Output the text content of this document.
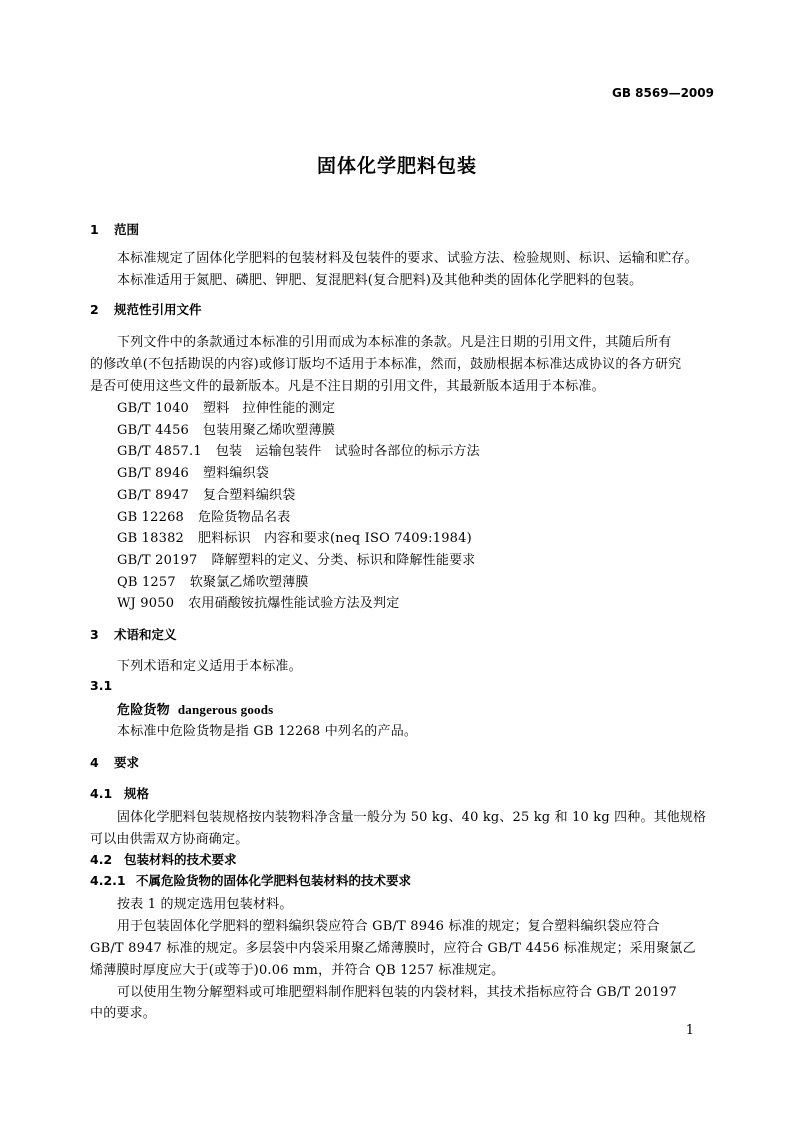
GB 8569—2009
固体化学肥料包装
1 范围
本标准规定了固体化学肥料的包装材料及包装件的要求、试验方法、检验规则、标识、运输和贮存。
本标准适用于氮肥、磷肥、钾肥、复混肥料(复合肥料)及其他种类的固体化学肥料的包装。
2 规范性引用文件
下列文件中的条款通过本标准的引用而成为本标准的条款。凡是注日期的引用文件，其随后所有
的修改单(不包括勘误的内容)或修订版均不适用于本标准，然而，鼓励根据本标准达成协议的各方研究
是否可使用这些文件的最新版本。凡是不注日期的引用文件，其最新版本适用于本标准。
GB/T 1040 塑料　拉伸性能的测定
GB/T 4456 包装用聚乙烯吹塑薄膜
GB/T 4857.1 包装　运输包装件　试验时各部位的标示方法
GB/T 8946 塑料编织袋
GB/T 8947 复合塑料编织袋
GB 12268 危险货物品名表
GB 18382 肥料标识　内容和要求(neq ISO 7409:1984)
GB/T 20197 降解塑料的定义、分类、标识和降解性能要求
QB 1257 软聚氯乙烯吹塑薄膜
WJ 9050 农用硝酸铵抗爆性能试验方法及判定
3 术语和定义
下列术语和定义适用于本标准。
3.1
危险货物 dangerous goods
本标准中危险货物是指 GB 12268 中列名的产品。
4 要求
4.1 规格
固体化学肥料包装规格按内装物料净含量一般分为 50 kg、40 kg、25 kg 和 10 kg 四种。其他规格
可以由供需双方协商确定。
4.2 包装材料的技术要求
4.2.1 不属危险货物的固体化学肥料包装材料的技术要求
按表 1 的规定选用包装材料。
用于包装固体化学肥料的塑料编织袋应符合 GB/T 8946 标准的规定；复合塑料编织袋应符合
GB/T 8947 标准的规定。多层袋中内袋采用聚乙烯薄膜时，应符合 GB/T 4456 标准规定；采用聚氯乙
烯薄膜时厚度应大于(或等于)0.06 mm，并符合 QB 1257 标准规定。
可以使用生物分解塑料或可堆肥塑料制作肥料包装的内袋材料，其技术指标应符合 GB/T 20197
中的要求。
1
